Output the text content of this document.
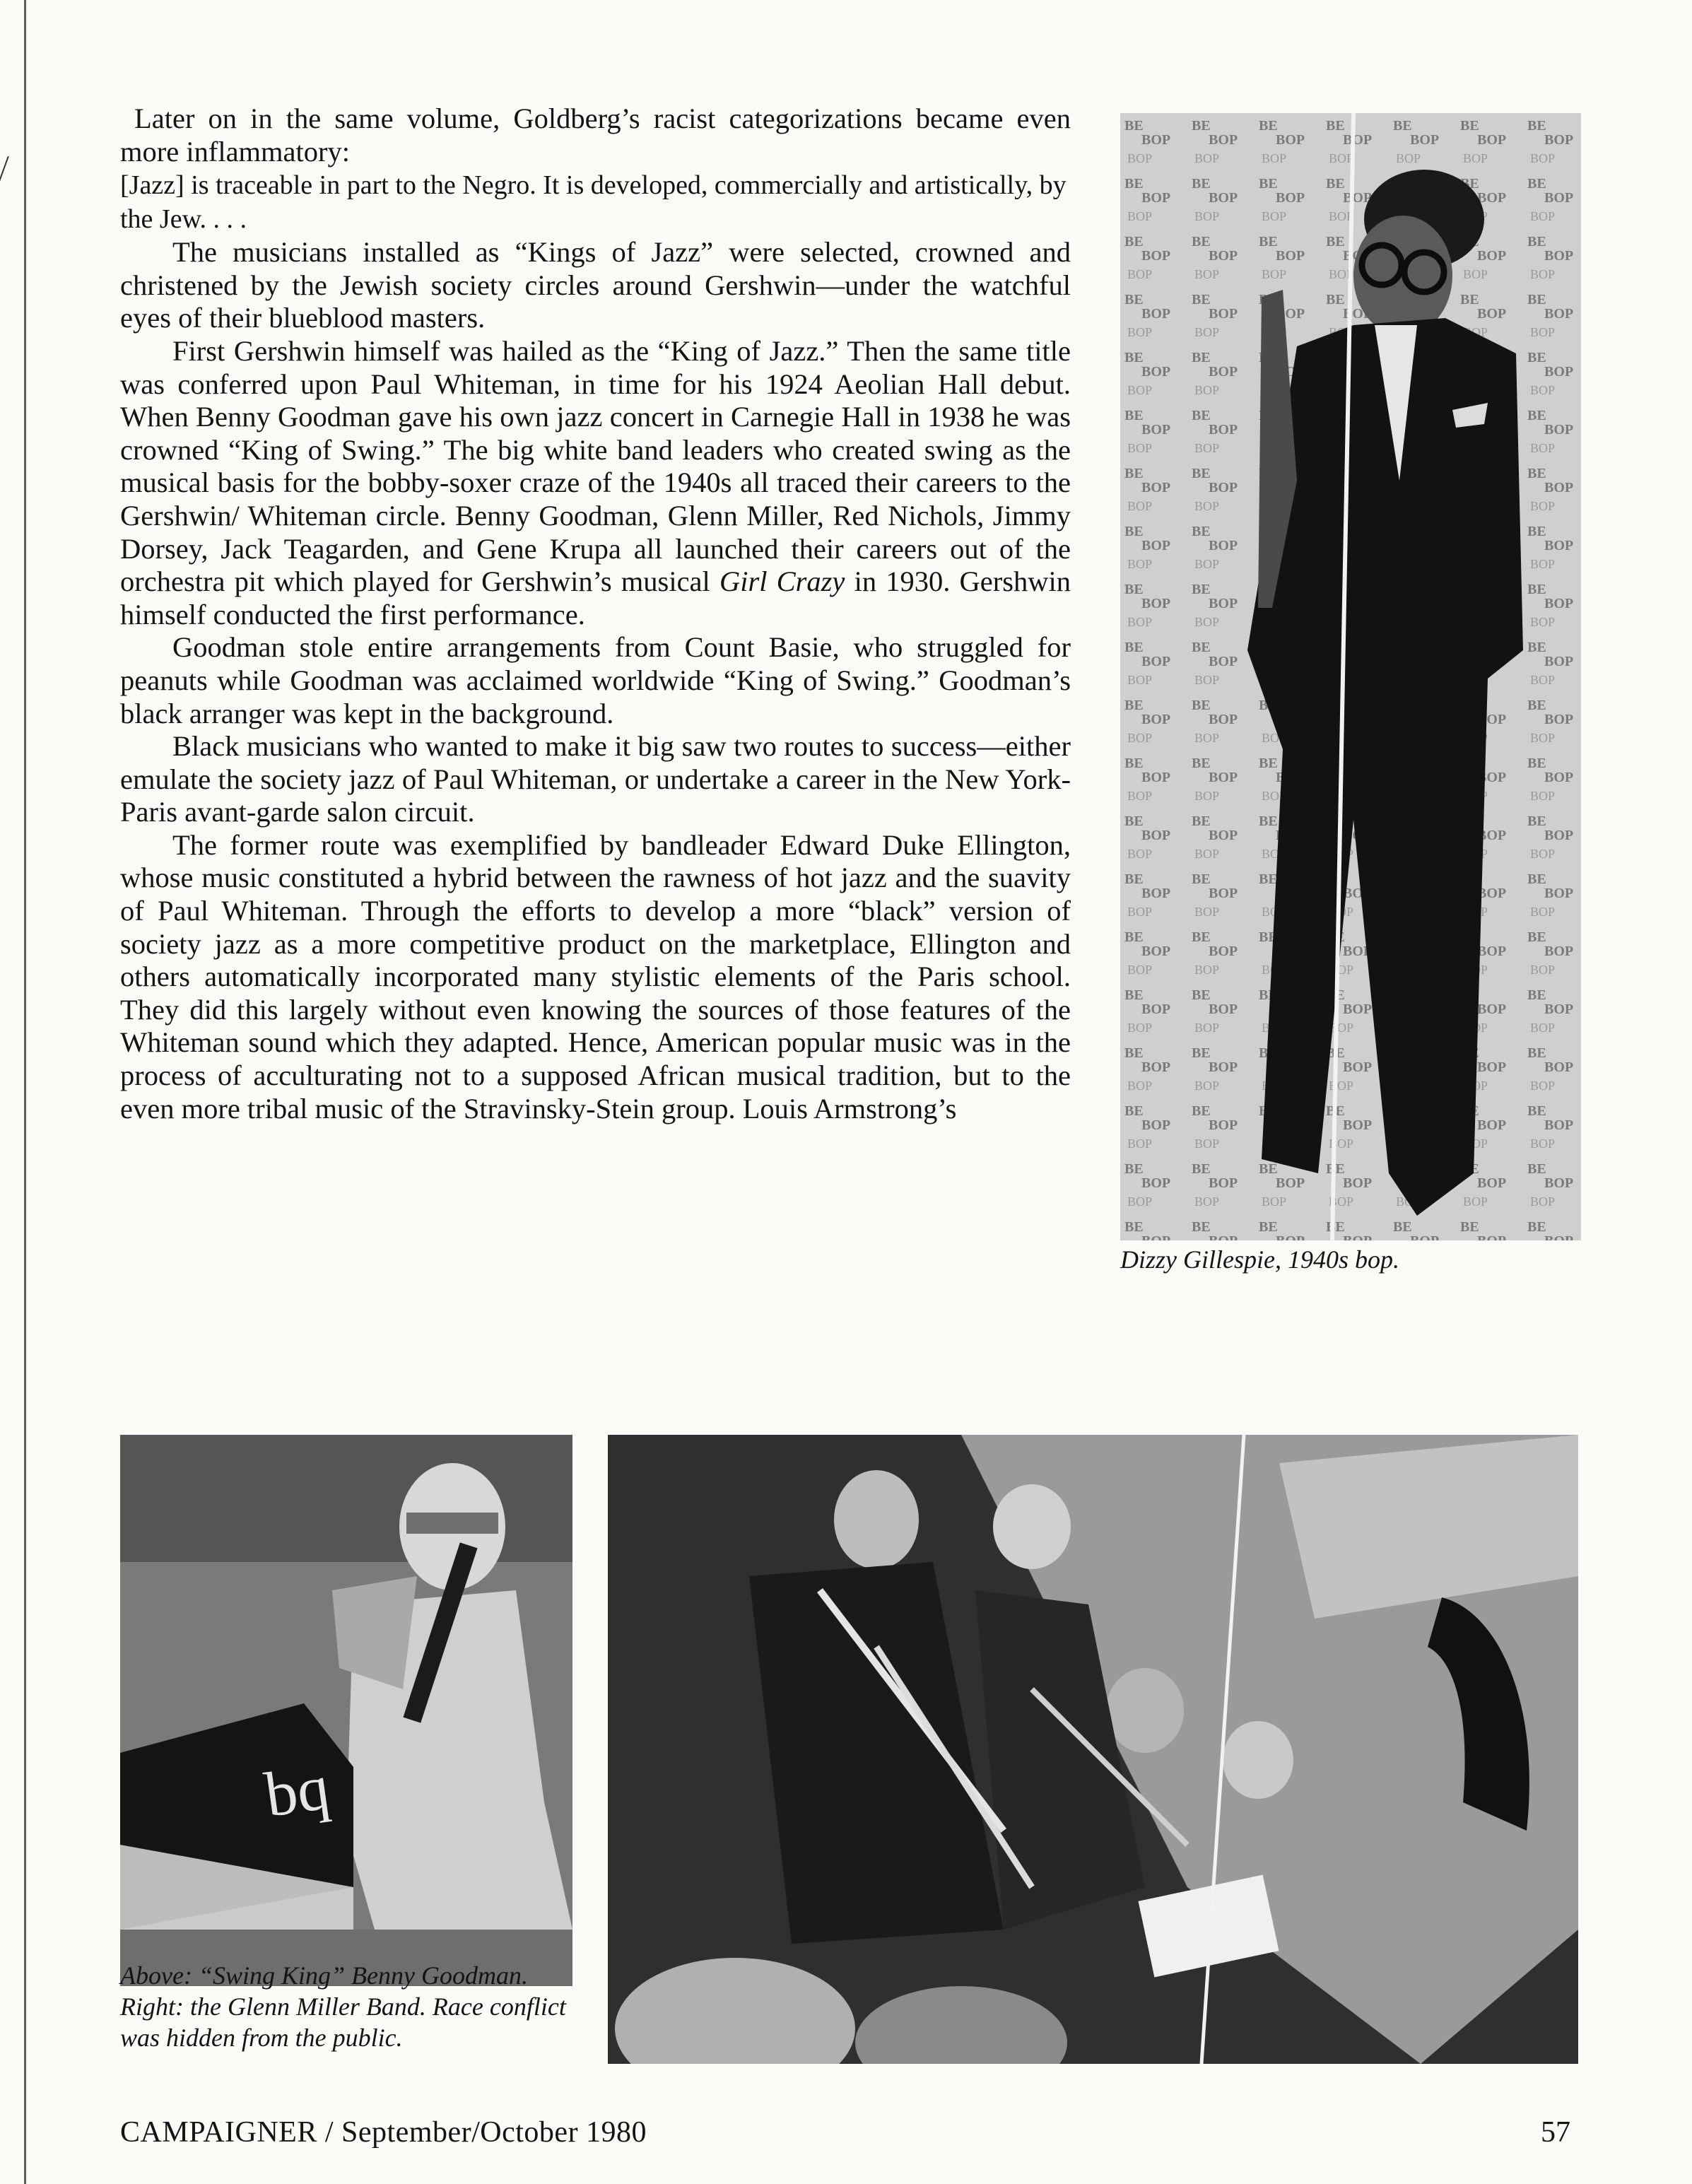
Later on in the same volume, Goldberg’s racist categorizations became even more inflammatory:

[Jazz] is traceable in part to the Negro. It is developed, commercially and artistically, by the Jew. . . .

The musicians installed as “Kings of Jazz” were selected, crowned and christened by the Jewish society circles around Gershwin—under the watchful eyes of their blueblood masters.

First Gershwin himself was hailed as the “King of Jazz.” Then the same title was conferred upon Paul Whiteman, in time for his 1924 Aeolian Hall debut. When Benny Goodman gave his own jazz concert in Carnegie Hall in 1938 he was crowned “King of Swing.” The big white band leaders who created swing as the musical basis for the bobby-soxer craze of the 1940s all traced their careers to the Gershwin/ Whiteman circle. Benny Goodman, Glenn Miller, Red Nichols, Jimmy Dorsey, Jack Teagarden, and Gene Krupa all launched their careers out of the orchestra pit which played for Gershwin’s musical Girl Crazy in 1930. Gershwin himself conducted the first performance.

Goodman stole entire arrangements from Count Basie, who struggled for peanuts while Goodman was acclaimed worldwide “King of Swing.” Goodman’s black arranger was kept in the background.

Black musicians who wanted to make it big saw two routes to success—either emulate the society jazz of Paul Whiteman, or undertake a career in the New York-Paris avant-garde salon circuit.

The former route was exemplified by bandleader Edward Duke Ellington, whose music constituted a hybrid between the rawness of hot jazz and the suavity of Paul Whiteman. Through the efforts to develop a more “black” version of society jazz as a more competitive product on the marketplace, Ellington and others automatically incorporated many stylistic elements of the Paris school. They did this largely without even knowing the sources of those features of the Whiteman sound which they adapted. Hence, American popular music was in the process of acculturating not to a supposed African musical tradition, but to the even more tribal music of the Stravinsky-Stein group. Louis Armstrong’s

Dizzy Gillespie, 1940s bop.
bq
Above: “Swing King” Benny Goodman. Right: the Glenn Miller Band. Race conflict was hidden from the public.
CAMPAIGNER / September/October 1980	57
